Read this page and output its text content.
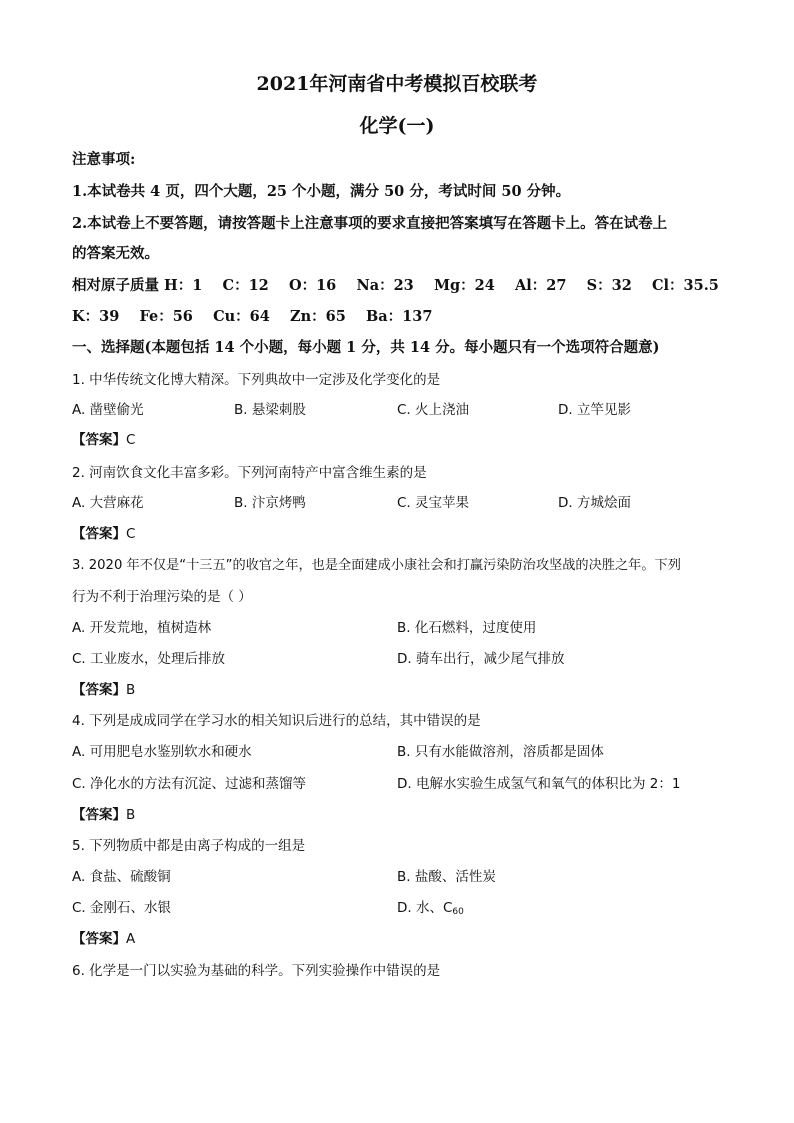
2021年河南省中考模拟百校联考
化学(一)
注意事项:
1.本试卷共 4 页，四个大题，25 个小题，满分 50 分，考试时间 50 分钟。
2.本试卷上不要答题，请按答题卡上注意事项的要求直接把答案填写在答题卡上。答在试卷上
的答案无效。
相对原子质量 H：1    C：12    O：16    Na：23    Mg：24    Al：27    S：32    Cl：35.5
K：39    Fe：56    Cu：64    Zn：65    Ba：137
一、选择题(本题包括 14 个小题，每小题 1 分，共 14 分。每小题只有一个选项符合题意)
1. 中华传统文化博大精深。下列典故中一定涉及化学变化的是
A. 凿壁偷光	B. 悬梁刺股	C. 火上浇油	D. 立竿见影
【答案】C
2. 河南饮食文化丰富多彩。下列河南特产中富含维生素的是
A. 大营麻花	B. 汴京烤鸭	C. 灵宝苹果	D. 方城烩面
【答案】C
3. 2020 年不仅是“十三五”的收官之年，也是全面建成小康社会和打赢污染防治攻坚战的决胜之年。下列
行为不利于治理污染的是（ ）
A. 开发荒地，植树造林	B. 化石燃料，过度使用
C. 工业废水，处理后排放	D. 骑车出行，减少尾气排放
【答案】B
4. 下列是成成同学在学习水的相关知识后进行的总结，其中错误的是
A. 可用肥皂水鉴别软水和硬水	B. 只有水能做溶剂，溶质都是固体
C. 净化水的方法有沉淀、过滤和蒸馏等	D. 电解水实验生成氢气和氧气的体积比为 2：1
【答案】B
5. 下列物质中都是由离子构成的一组是
A. 食盐、硫酸铜	B. 盐酸、活性炭
C. 金刚石、水银	D. 水、$C_{60}$
【答案】A
6. 化学是一门以实验为基础的科学。下列实验操作中错误的是
